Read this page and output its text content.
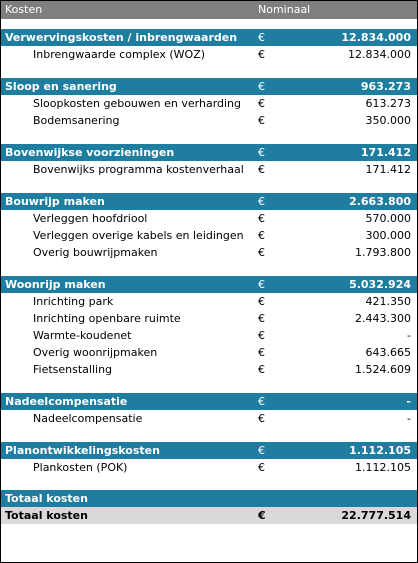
Kosten	Nominaal
Verwervingskosten / inbrengwaarden €	12.834.000
Inbrengwaarde complex (WOZ)	€	12.834.000
Sloop en sanering	€	963.273
Sloopkosten gebouwen en verharding €	613.273
Bodemsanering	€	350.000
Bovenwijkse voorzieningen	€	171.412
Bovenwijks programma kostenverhaal €	171.412
Bouwrijp maken	€	2.663.800
Verleggen hoofdriool	€	570.000
Verleggen overige kabels en leidingen €	300.000
Overig bouwrijpmaken	€	1.793.800
Woonrijp maken	€	5.032.924
Inrichting park	€	421.350
Inrichting openbare ruimte	€	2.443.300
Warmte-koudenet	€	-
Overig woonrijpmaken	€	643.665
Fietsenstalling	€	1.524.609
Nadeelcompensatie	€	-
Nadeelcompensatie	€	-
Planontwikkelingskosten	€	1.112.105
Plankosten (POK)	€	1.112.105
Totaal kosten
Totaal kosten	€	22.777.514
